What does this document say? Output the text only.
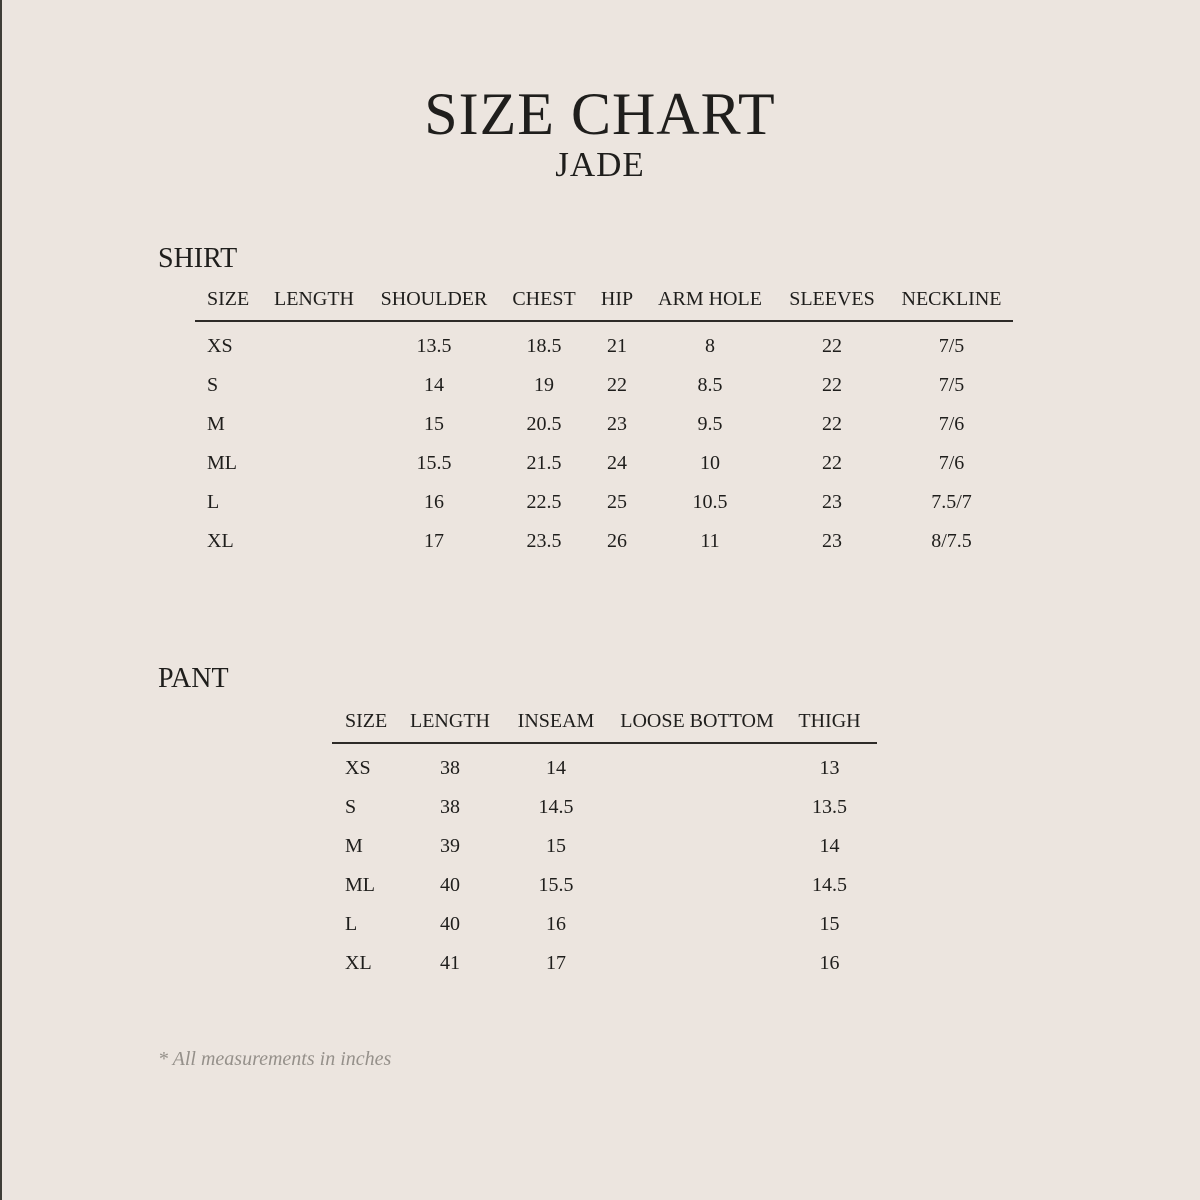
SIZE CHART
JADE
SHIRT
SIZE	LENGTH	SHOULDER	CHEST	HIP	ARM HOLE	SLEEVES	NECKLINE
XS		13.5	18.5	21	8	22	7/5
S		14	19	22	8.5	22	7/5
M		15	20.5	23	9.5	22	7/6
ML		15.5	21.5	24	10	22	7/6
L		16	22.5	25	10.5	23	7.5/7
XL		17	23.5	26	11	23	8/7.5
PANT
SIZE	LENGTH	INSEAM	LOOSE BOTTOM	THIGH
XS	38	14		13
S	38	14.5		13.5
M	39	15		14
ML	40	15.5		14.5
L	40	16		15
XL	41	17		16
* All measurements in inches
